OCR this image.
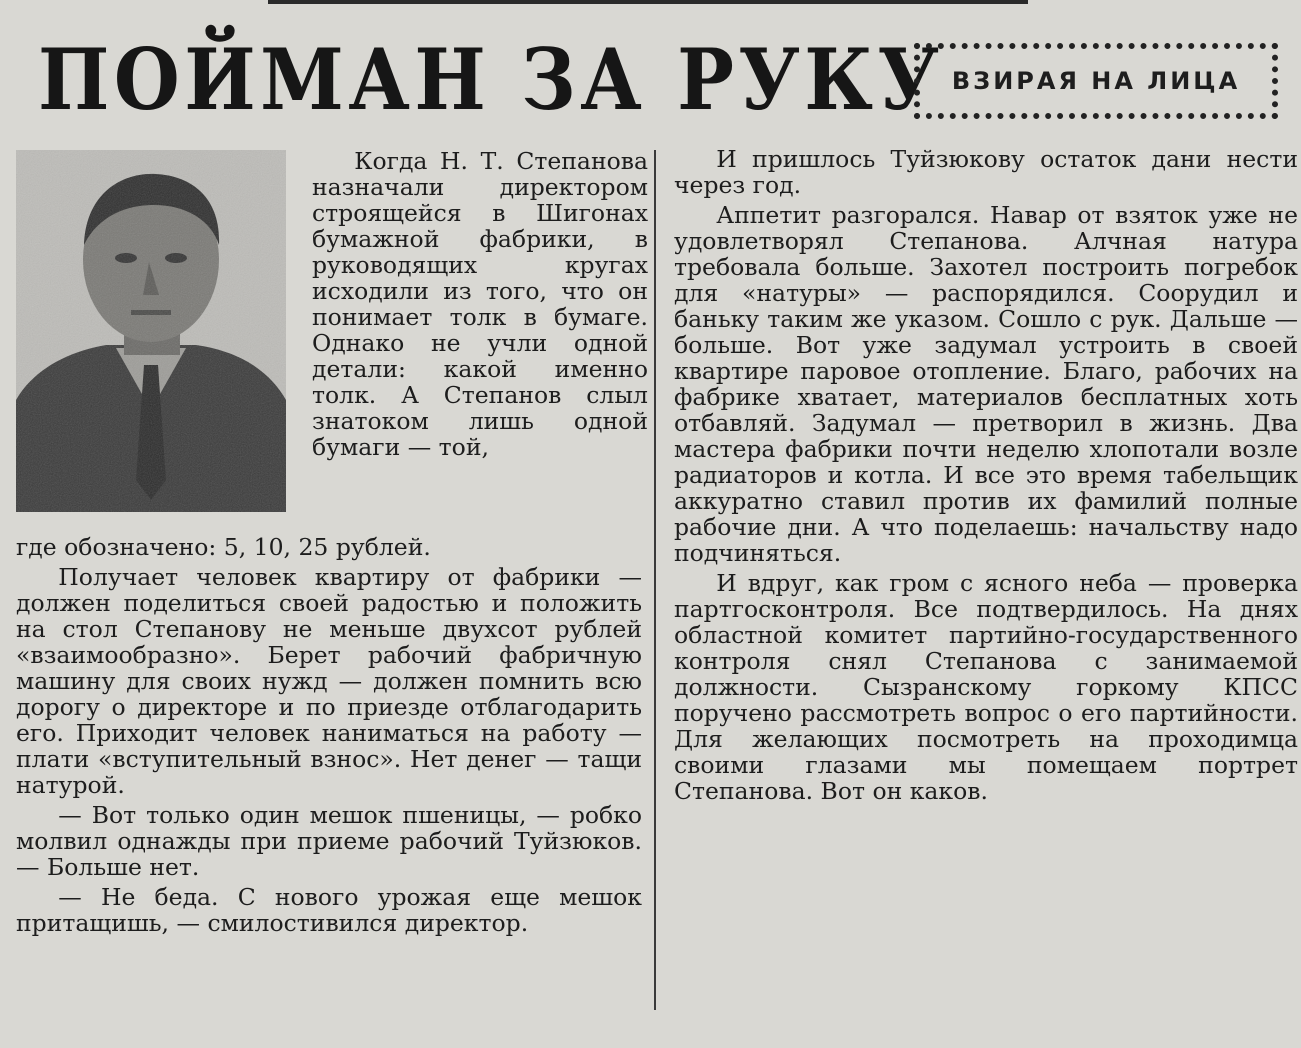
ПОЙМАН ЗА РУКУ ВЗИРАЯ НА ЛИЦА

Когда Н. Т. Степанова назначали директором строящейся в Шигонах бумажной фабрики, в руководящих кругах исходили из того, что он понимает толк в бумаге. Однако не учли одной детали: какой именно толк. А Степанов слыл знатоком лишь одной бумаги — той,

где обозначено: 5, 10, 25 рублей.

Получает человек квартиру от фабрики — должен поделиться своей радостью и положить на стол Степанову не меньше двухсот рублей «взаимообразно». Берет рабочий фабричную машину для своих нужд — должен помнить всю дорогу о директоре и по приезде отблагодарить его. Приходит человек наниматься на работу — плати «вступительный взнос». Нет денег — тащи натурой.

— Вот только один мешок пшеницы, — робко молвил однажды при приеме рабочий Туйзюков. — Больше нет.

— Не беда. С нового урожая еще мешок притащишь, — смилостивился директор.

И пришлось Туйзюкову остаток дани нести через год.

Аппетит разгорался. Навар от взяток уже не удовлетворял Степанова. Алчная натура требовала больше. Захотел построить погребок для «натуры» — распорядился. Соорудил и баньку таким же указом. Сошло с рук. Дальше — больше. Вот уже задумал устроить в своей квартире паровое отопление. Благо, рабочих на фабрике хватает, материалов бесплатных хоть отбавляй. Задумал — претворил в жизнь. Два мастера фабрики почти неделю хлопотали возле радиаторов и котла. И все это время табельщик аккуратно ставил против их фамилий полные рабочие дни. А что поделаешь: начальству надо подчиняться.

И вдруг, как гром с ясного неба — проверка партгосконтроля. Все подтвердилось. На днях областной комитет партийно-государственного контроля снял Степанова с занимаемой должности. Сызранскому горкому КПСС поручено рассмотреть вопрос о его партийности. Для желающих посмотреть на проходимца своими глазами мы помещаем портрет Степанова. Вот он каков.
